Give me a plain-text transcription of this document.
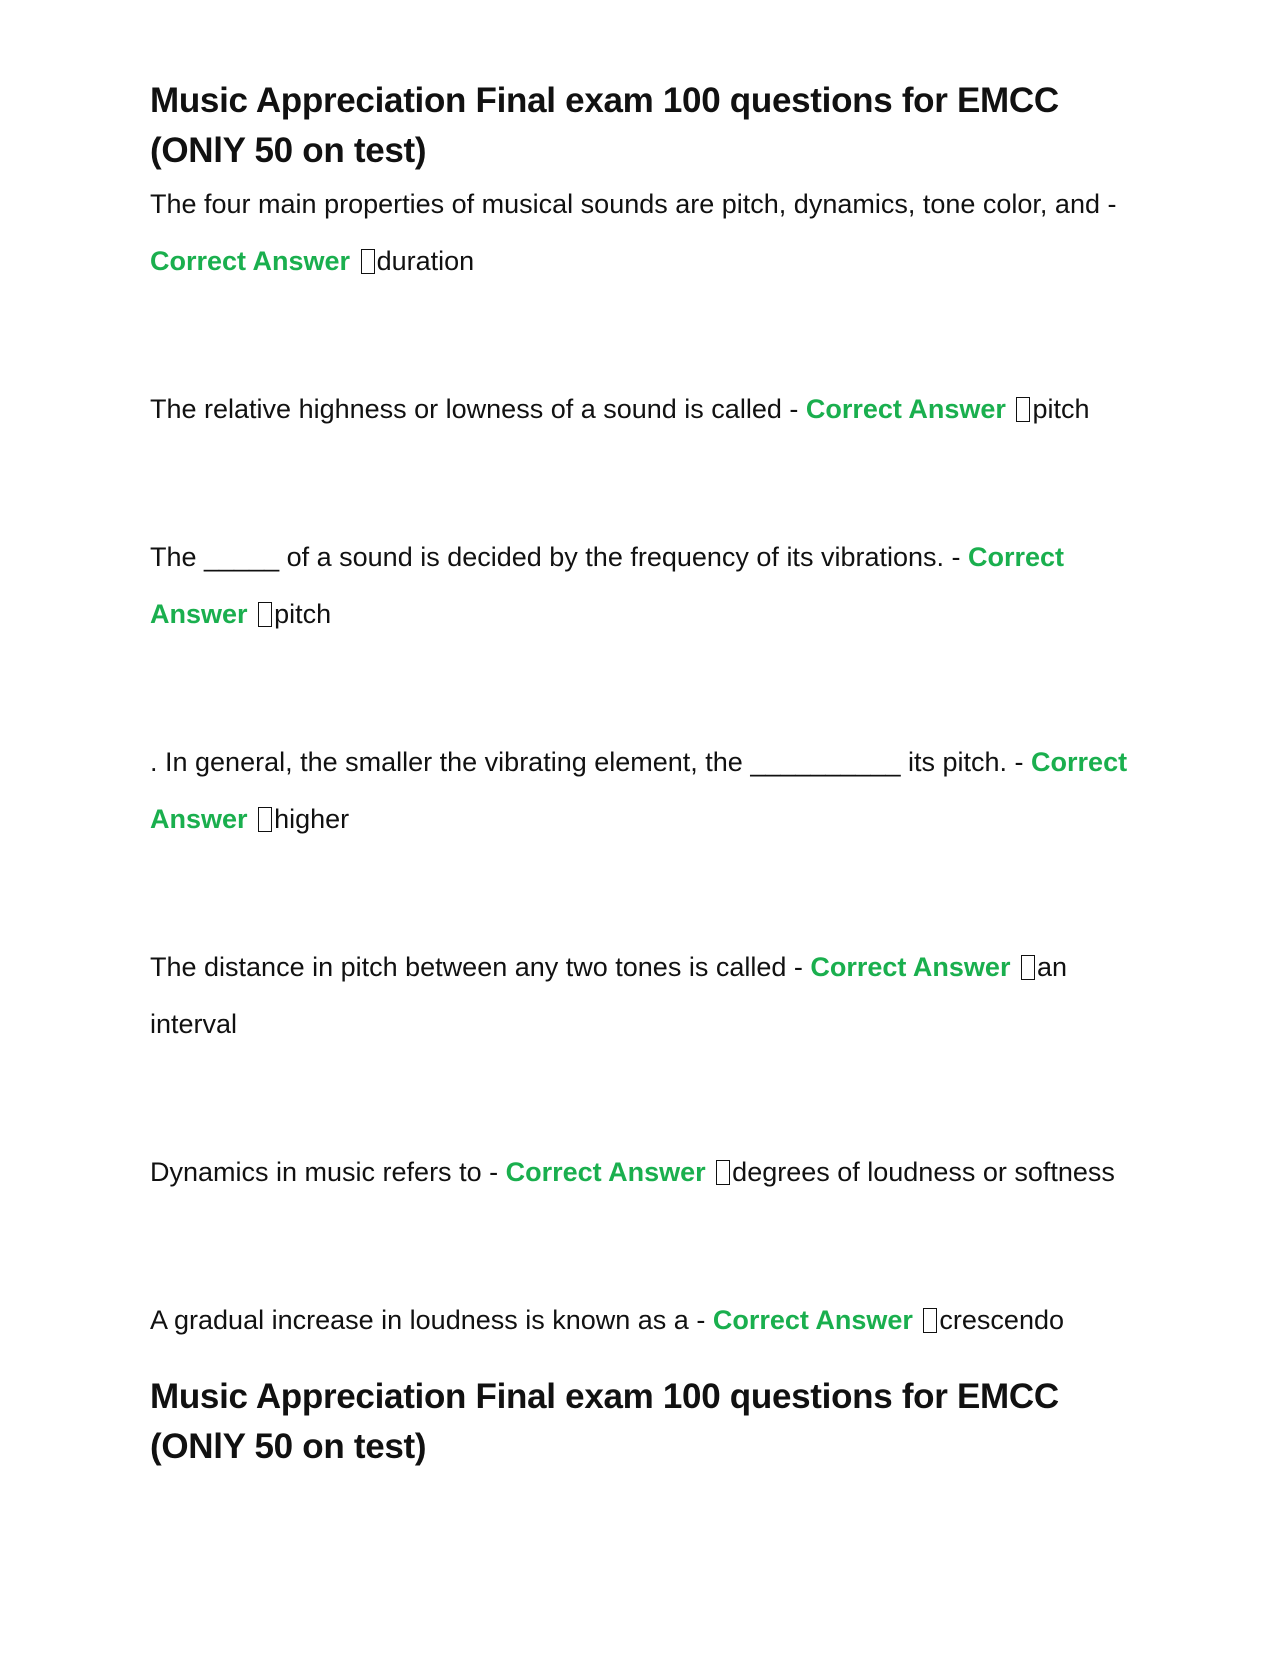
Music Appreciation Final exam 100 questions for EMCC (ONlY 50 on test)

The four main properties of musical sounds are pitch, dynamics, tone color, and - Correct Answer duration

The relative highness or lowness of a sound is called - Correct Answer pitch

The _____ of a sound is decided by the frequency of its vibrations. - Correct Answer pitch

. In general, the smaller the vibrating element, the __________ its pitch. - Correct Answer higher

The distance in pitch between any two tones is called - Correct Answer an interval

Dynamics in music refers to - Correct Answer degrees of loudness or softness

A gradual increase in loudness is known as a - Correct Answer crescendo

Music Appreciation Final exam 100 questions for EMCC (ONlY 50 on test)
